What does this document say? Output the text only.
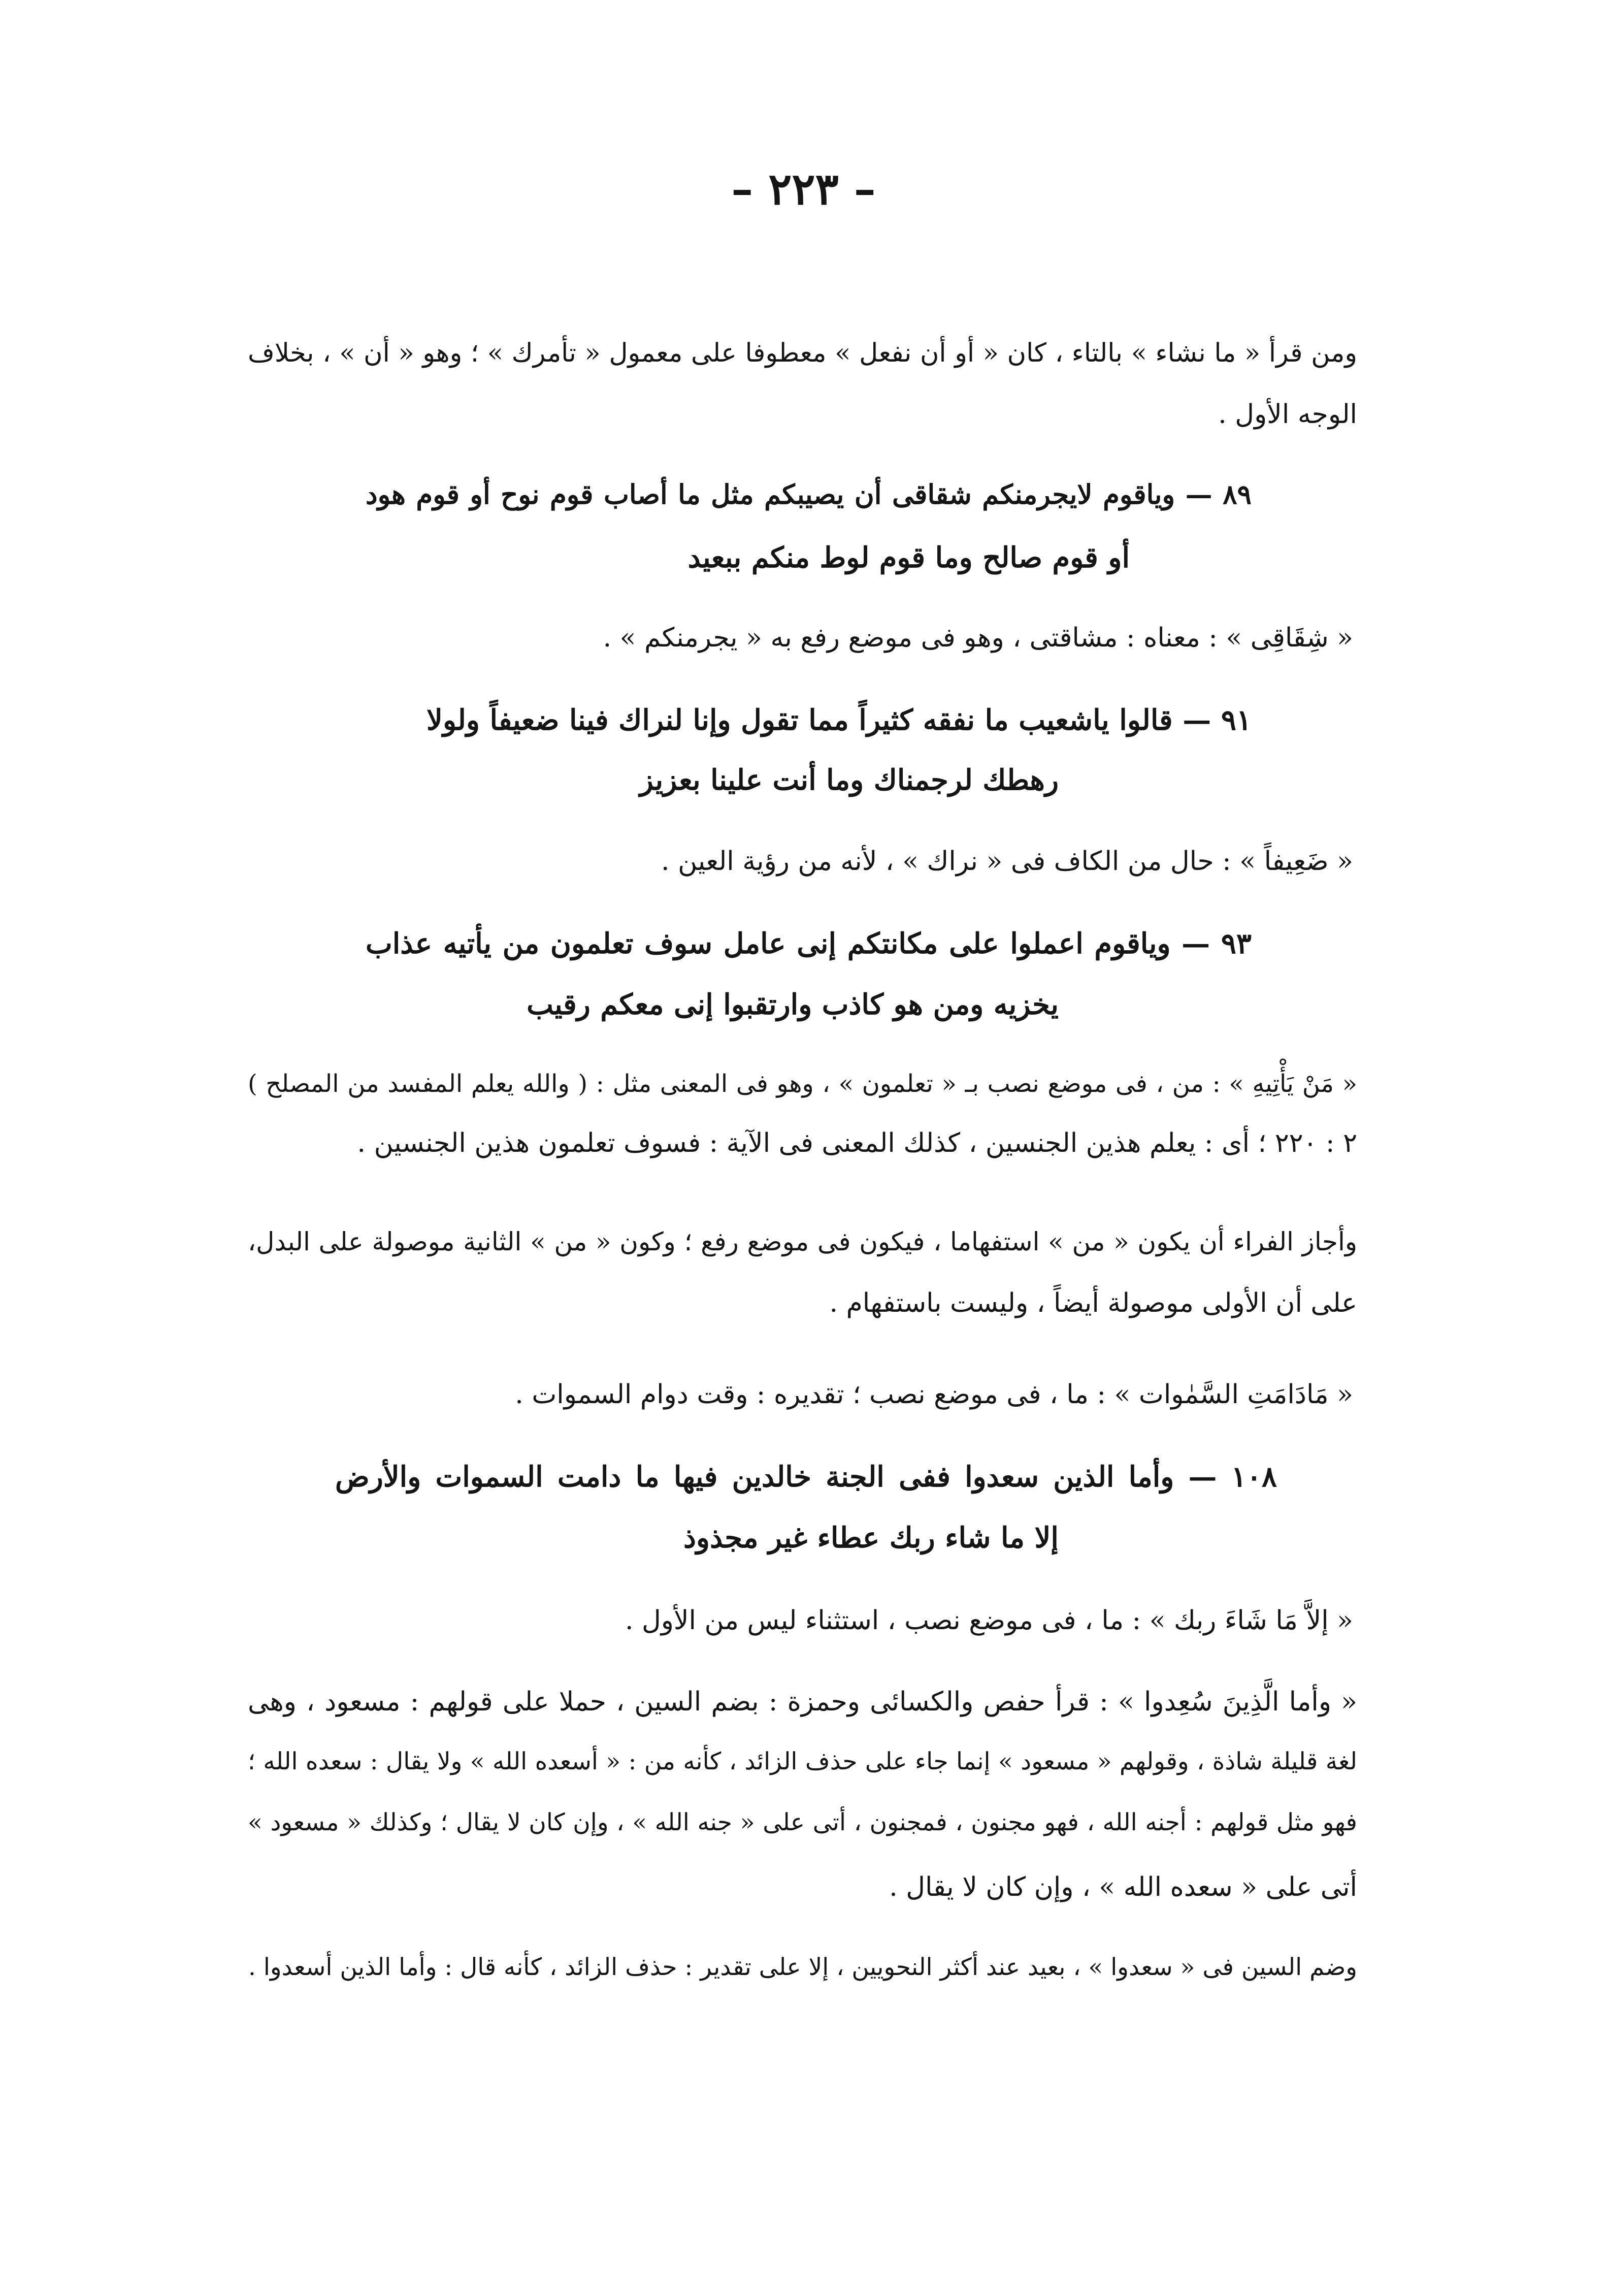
– ٢٢٣ –
ومن قرأ « ما نشاء » بالتاء ، كان « أو أن نفعل » معطوفا على معمول « تأمرك » ؛ وهو « أن » ، بخلاف
الوجه الأول .
٨٩ — وياقوم لايجرمنكم شقاقى أن يصيبكم مثل ما أصاب قوم نوح أو قوم هود
أو قوم صالح وما قوم لوط منكم ببعيد
« شِقَاقِى » : معناه : مشاقتى ، وهو فى موضع رفع به « يجرمنكم » .
٩١ — قالوا ياشعيب ما نفقه كثيراً مما تقول وإنا لنراك فينا ضعيفاً ولولا
رهطك لرجمناك وما أنت علينا بعزيز
« ضَعِيفاً » : حال من الكاف فى « نراك » ، لأنه من رؤية العين .
٩٣ — وياقوم اعملوا على مكانتكم إنى عامل سوف تعلمون من يأتيه عذاب
يخزيه ومن هو كاذب وارتقبوا إنى معكم رقيب
« مَنْ يَأْتِيهِ » : من ، فى موضع نصب بـ « تعلمون » ، وهو فى المعنى مثل : ( والله يعلم المفسد من المصلح )
٢ : ٢٢٠ ؛ أى : يعلم هذين الجنسين ، كذلك المعنى فى الآية : فسوف تعلمون هذين الجنسين .
وأجاز الفراء أن يكون « من » استفهاما ، فيكون فى موضع رفع ؛ وكون « من » الثانية موصولة على البدل،
على أن الأولى موصولة أيضاً ، وليست باستفهام .
« مَادَامَتِ السَّمٰوات » : ما ، فى موضع نصب ؛ تقديره : وقت دوام السموات .
١٠٨ — وأما الذين سعدوا ففى الجنة خالدين فيها ما دامت السموات والأرض
إلا ما شاء ربك عطاء غير مجذوذ
« إلاَّ مَا شَاءَ ربك » : ما ، فى موضع نصب ، استثناء ليس من الأول .
« وأما الَّذِينَ سُعِدوا » : قرأ حفص والكسائى وحمزة : بضم السين ، حملا على قولهم : مسعود ، وهى
لغة قليلة شاذة ، وقولهم « مسعود » إنما جاء على حذف الزائد ، كأنه من : « أسعده الله » ولا يقال : سعده الله ؛
فهو مثل قولهم : أجنه الله ، فهو مجنون ، فمجنون ، أتى على « جنه الله » ، وإن كان لا يقال ؛ وكذلك « مسعود »
أتى على « سعده الله » ، وإن كان لا يقال .
وضم السين فى « سعدوا » ، بعيد عند أكثر النحويين ، إلا على تقدير : حذف الزائد ، كأنه قال : وأما الذين أسعدوا .
